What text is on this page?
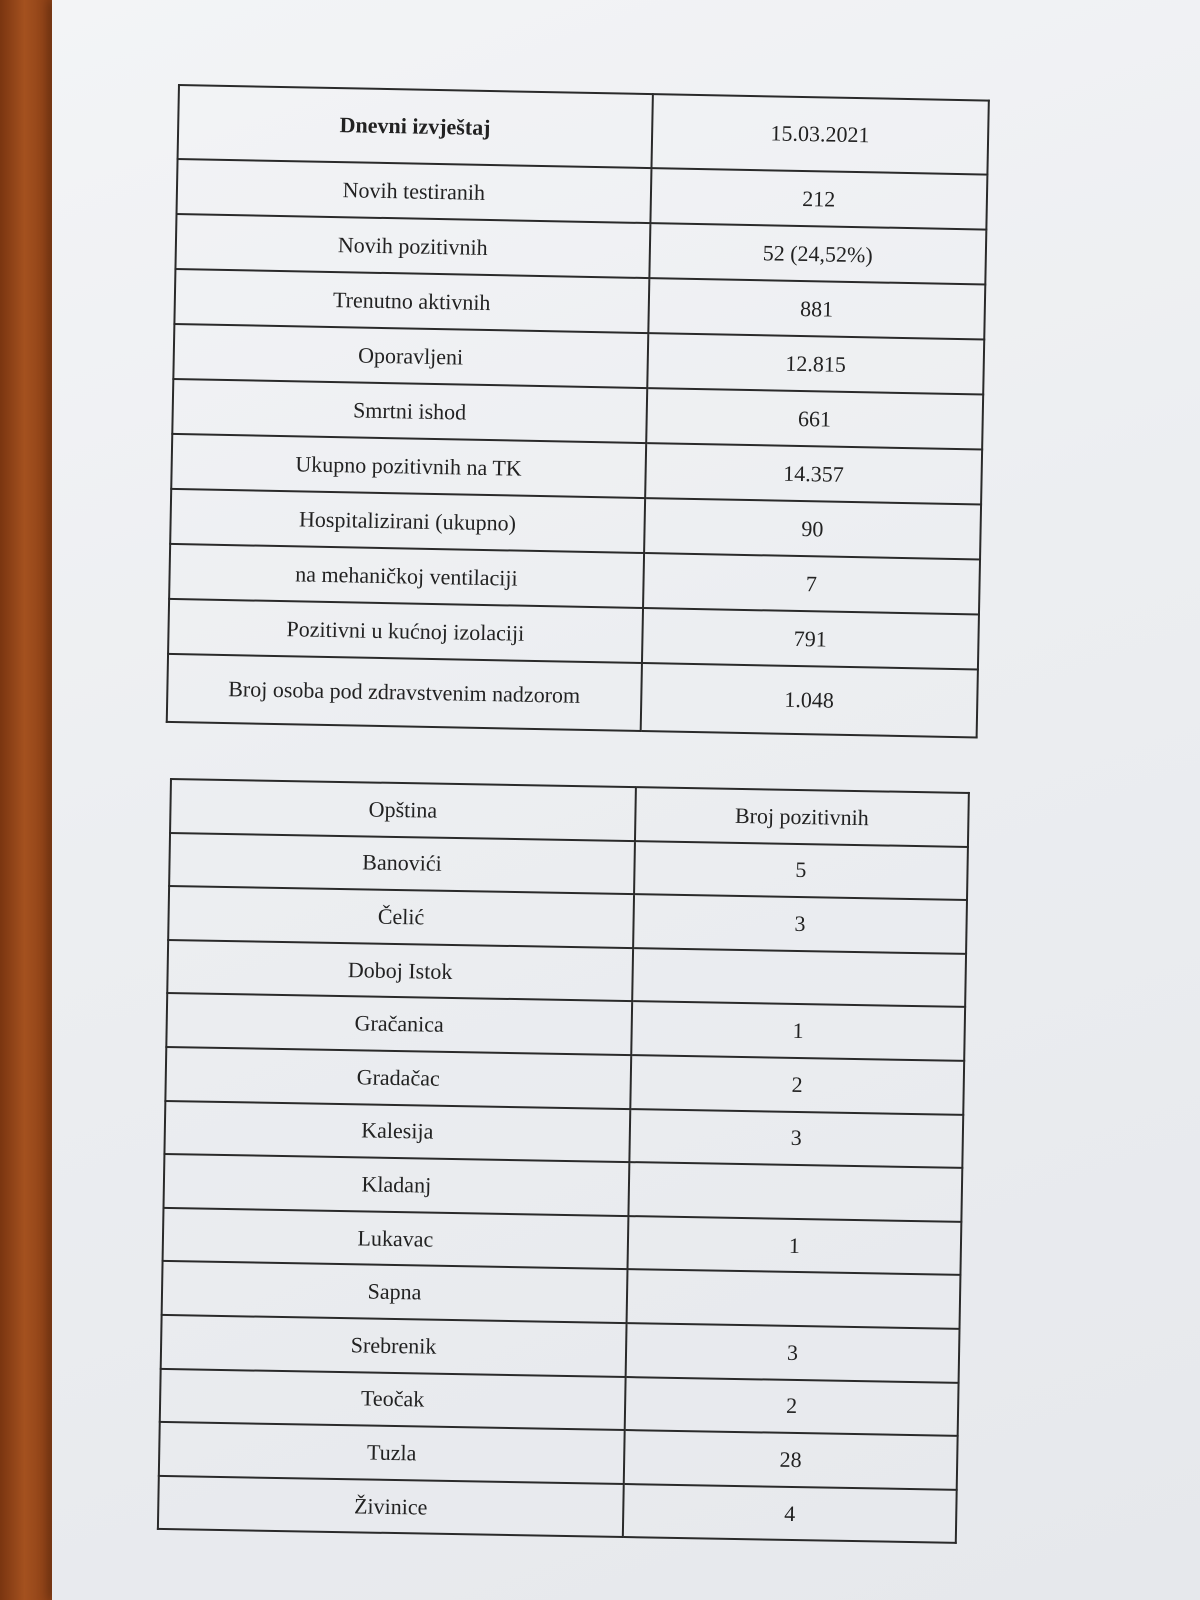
Dnevni izvještaj	15.03.2021
Novih testiranih	212
Novih pozitivnih	52 (24,52%)
Trenutno aktivnih	881
Oporavljeni	12.815
Smrtni ishod	661
Ukupno pozitivnih na TK	14.357
Hospitalizirani (ukupno)	90
na mehaničkoj ventilaciji	7
Pozitivni u kućnoj izolaciji	791
Broj osoba pod zdravstvenim nadzorom	1.048
Opština	Broj pozitivnih
Banovići	5
Čelić	3
Doboj Istok	
Gračanica	1
Gradačac	2
Kalesija	3
Kladanj	
Lukavac	1
Sapna	
Srebrenik	3
Teočak	2
Tuzla	28
Živinice	4
